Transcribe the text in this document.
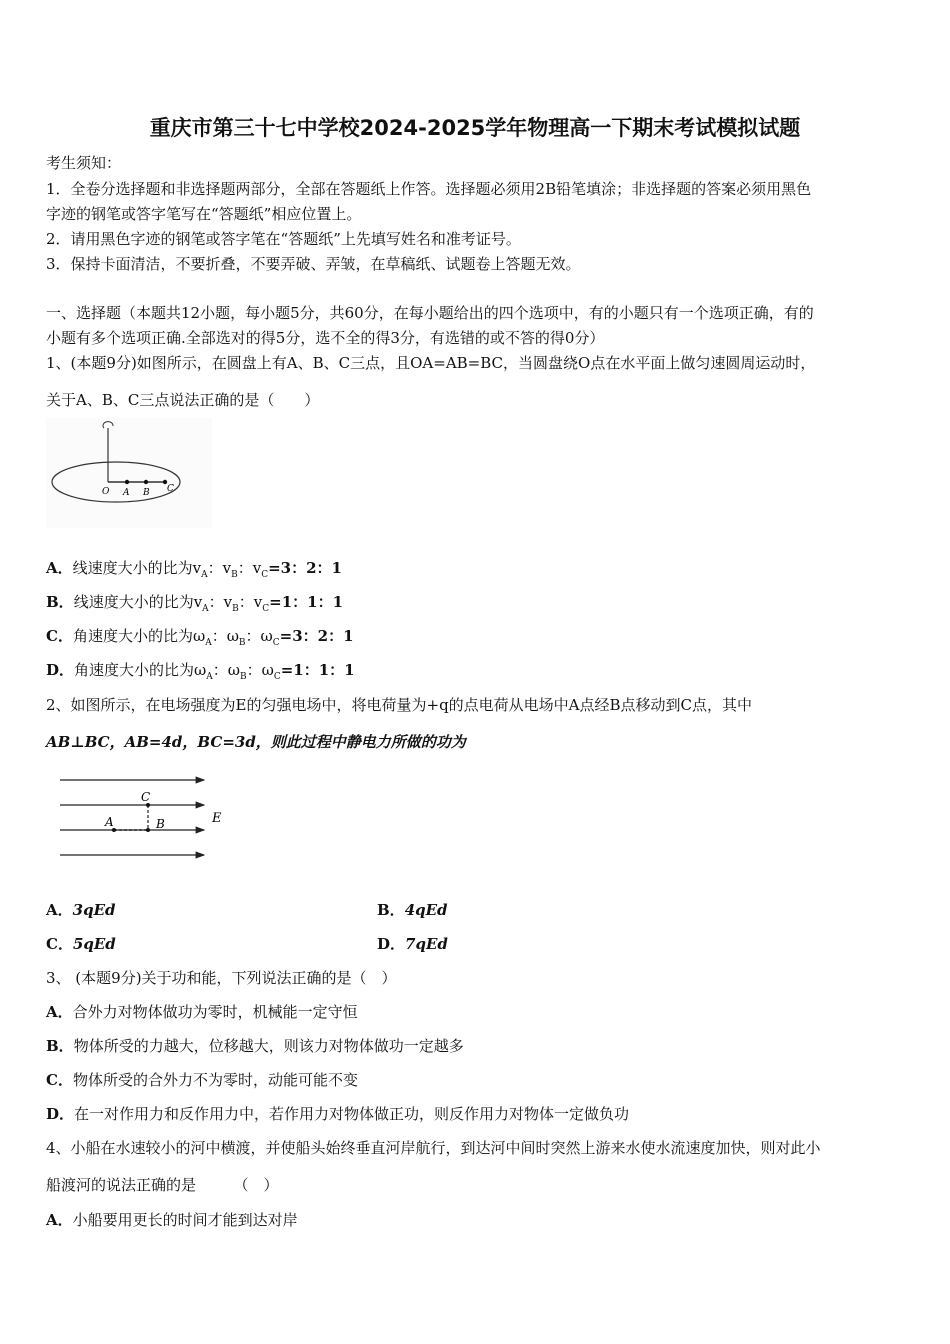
重庆市第三十七中学校2024-2025学年物理高一下期末考试模拟试题
考生须知：
1．全卷分选择题和非选择题两部分，全部在答题纸上作答。选择题必须用2B铅笔填涂；非选择题的答案必须用黑色
字迹的钢笔或答字笔写在“答题纸”相应位置上。
2．请用黑色字迹的钢笔或答字笔在“答题纸”上先填写姓名和准考证号。
3．保持卡面清洁，不要折叠，不要弄破、弄皱，在草稿纸、试题卷上答题无效。
一、选择题（本题共12小题，每小题5分，共60分，在每小题给出的四个选项中，有的小题只有一个选项正确，有的
小题有多个选项正确.全部选对的得5分，选不全的得3分，有选错的或不答的得0分）
1、(本题9分)如图所示，在圆盘上有A、B、C三点，且OA=AB=BC，当圆盘绕O点在水平面上做匀速圆周运动时，
关于A、B、C三点说法正确的是（　　）
O A B C
A．线速度大小的比为$v_A$：$v_B$：$v_C=3$：2：1
B．线速度大小的比为$v_A$：$v_B$：$v_C=1$：1：1
C．角速度大小的比为$\omega_A$：$\omega_B$：$\omega_C=3$：2：1
D．角速度大小的比为$\omega_A$：$\omega_B$：$\omega_C=1$：1：1
2、如图所示，在电场强度为E的匀强电场中，将电荷量为+q的点电荷从电场中A点经B点移动到C点，其中
AB⊥BC，AB=4d，BC=3d，则此过程中静电力所做的功为
C
A	B	E
A．3qEd	B．4qEd
C．5qEd	D．7qEd
3、 (本题9分)关于功和能，下列说法正确的是（　）
A．合外力对物体做功为零时，机械能一定守恒
B．物体所受的力越大，位移越大，则该力对物体做功一定越多
C．物体所受的合外力不为零时，动能可能不变
D．在一对作用力和反作用力中，若作用力对物体做正功，则反作用力对物体一定做负功
4、小船在水速较小的河中横渡，并使船头始终垂直河岸航行，到达河中间时突然上游来水使水流速度加快，则对此小
船渡河的说法正确的是　　　（　）
A．小船要用更长的时间才能到达对岸
